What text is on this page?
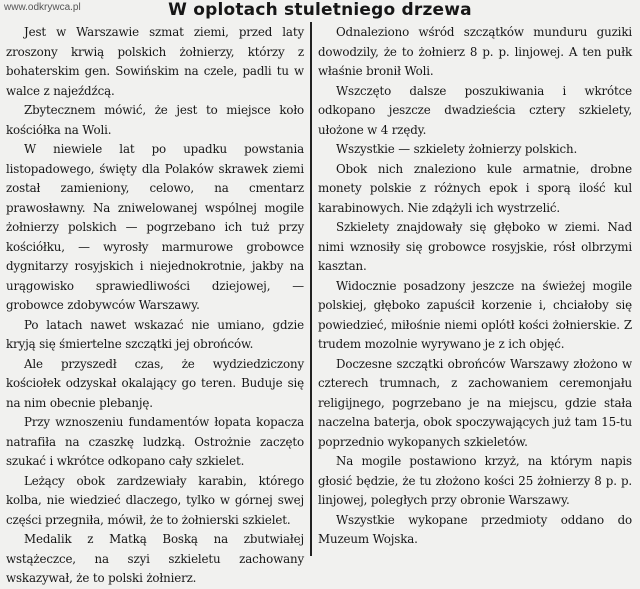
www.odkrywca.pl	W oplotach stuletniego drzewa

Jest w Warszawie szmat ziemi, przed laty zroszony krwią polskich żołnierzy, którzy z bohaterskim gen. Sowińskim na czele, padli tu w walce z najeźdźcą.

Zbytecznem mówić, że jest to miejsce koło kościółka na Woli.

W niewiele lat po upadku powstania listopadowego, święty dla Polaków skrawek ziemi został zamieniony, celowo, na cmentarz prawosławny. Na zniwelowanej wspólnej mogile żołnierzy polskich — pogrzebano ich tuż przy kościółku, — wyrosły marmurowe grobowce dygnitarzy rosyjskich i niejednokrotnie, jakby na urągowisko sprawiedliwości dziejowej, — grobowce zdobywców Warszawy.

Po latach nawet wskazać nie umiano, gdzie kryją się śmiertelne szczątki jej obrońców.

Ale przyszedł czas, że wydziedziczony kościołek odzyskał okalający go teren. Buduje się na nim obecnie plebanję.

Przy wznoszeniu fundamentów łopata kopacza natrafiła na czaszkę ludzką. Ostrożnie zaczęto szukać i wkrótce odkopano cały szkielet.

Leżący obok zardzewiały karabin, którego kolba, nie wiedzieć dlaczego, tylko w górnej swej części przegniła, mówił, że to żołnierski szkielet.

Medalik z Matką Boską na zbutwiałej wstążeczce, na szyi szkieletu zachowany wskazywał, że to polski żołnierz.

Odnaleziono wśród szczątków munduru guziki dowodzily, że to żołnierz 8 p. p. linjowej. A ten pułk właśnie bronił Woli.

Wszczęto dalsze poszukiwania i wkrótce odkopano jeszcze dwadzieścia cztery szkielety, ułożone w 4 rzędy.

Wszystkie — szkielety żołnierzy polskich.

Obok nich znaleziono kule armatnie, drobne monety polskie z różnych epok i sporą ilość kul karabinowych. Nie zdążyli ich wystrzelić.

Szkielety znajdowały się głęboko w ziemi. Nad nimi wznosiły się grobowce rosyjskie, rósł olbrzymi kasztan.

Widocznie posadzony jeszcze na świeżej mogile polskiej, głęboko zapuścił korzenie i, chciałoby się powiedzieć, miłośnie niemi oplótł kości żołnierskie. Z trudem mozolnie wyrywano je z ich objęć.

Doczesne szczątki obrońców Warszawy złożono w czterech trumnach, z zachowaniem ceremonjału religijnego, pogrzebano je na miejscu, gdzie stała naczelna baterja, obok spoczywających już tam 15-tu poprzednio wykopanych szkieletów.

Na mogile postawiono krzyż, na którym napis głosić będzie, że tu złożono kości 25 żołnierzy 8 p. p. linjowej, poległych przy obronie Warszawy.

Wszystkie wykopane przedmioty oddano do Muzeum Wojska.
